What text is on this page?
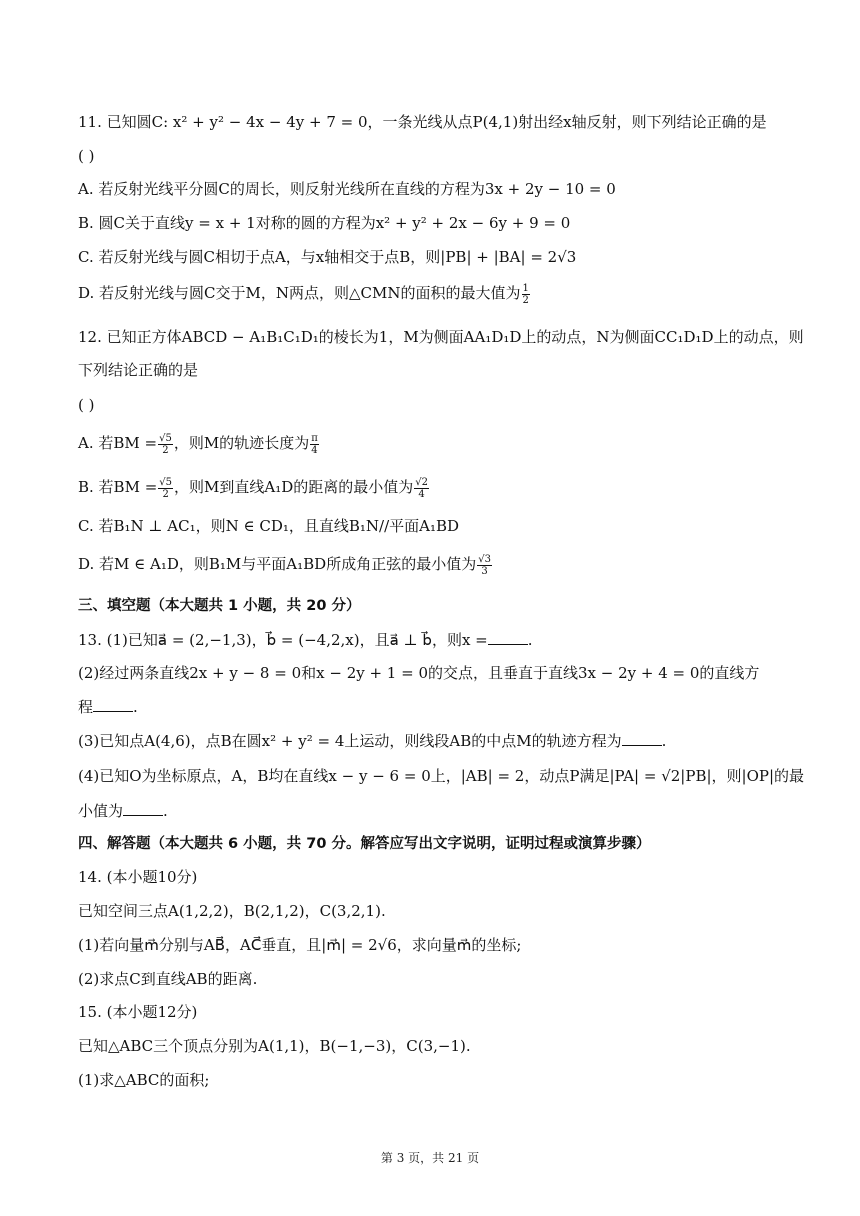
11. 已知圆C: x² + y² − 4x − 4y + 7 = 0，一条光线从点P(4,1)射出经x轴反射，则下列结论正确的是
( )
A. 若反射光线平分圆C的周长，则反射光线所在直线的方程为3x + 2y − 10 = 0
B. 圆C关于直线y = x + 1对称的圆的方程为x² + y² + 2x − 6y + 9 = 0
C. 若反射光线与圆C相切于点A，与x轴相交于点B，则|PB| + |BA| = 2√3
D. 若反射光线与圆C交于M，N两点，则△CMN的面积的最大值为 $\frac{1}{2}$
12. 已知正方体ABCD − A₁B₁C₁D₁的棱长为1，M为侧面AA₁D₁D上的动点，N为侧面CC₁D₁D上的动点，则
下列结论正确的是
( )
A. 若BM = $\frac{√5}{2}$ ，则M的轨迹长度为 $\frac{\pi}{4}$
B. 若BM = $\frac{√5}{2}$ ，则M到直线A₁D的距离的最小值为 $\frac{√2}{4}$
C. 若B₁N ⊥ AC₁，则N ∈ CD₁，且直线B₁N//平面A₁BD
D. 若M ∈ A₁D，则B₁M与平面A₁BD所成角正弦的最小值为 $\frac{√3}{3}$
三、填空题（本大题共 1 小题，共 20 分）
13. (1)已知a⃗ = (2,−1,3)，b⃗ = (−4,2,x)，且a⃗ ⊥ b⃗，则x =	.
(2)经过两条直线2x + y − 8 = 0和x − 2y + 1 = 0的交点，且垂直于直线3x − 2y + 4 = 0的直线方
程	.
(3)已知点A(4,6)，点B在圆x² + y² = 4上运动，则线段AB的中点M的轨迹方程为	.
(4)已知O为坐标原点，A，B均在直线x − y − 6 = 0上，|AB| = 2，动点P满足|PA| = √2|PB|，则|OP|的最
小值为	.
四、解答题（本大题共 6 小题，共 70 分。解答应写出文字说明，证明过程或演算步骤）
14. (本小题10分)
已知空间三点A(1,2,2)，B(2,1,2)，C(3,2,1).
(1)若向量m⃗分别与AB⃗，AC⃗垂直，且|m⃗| = 2√6，求向量m⃗的坐标;
(2)求点C到直线AB的距离.
15. (本小题12分)
已知△ABC三个顶点分别为A(1,1)，B(−1,−3)，C(3,−1).
(1)求△ABC的面积;
第 3 页，共 21 页
